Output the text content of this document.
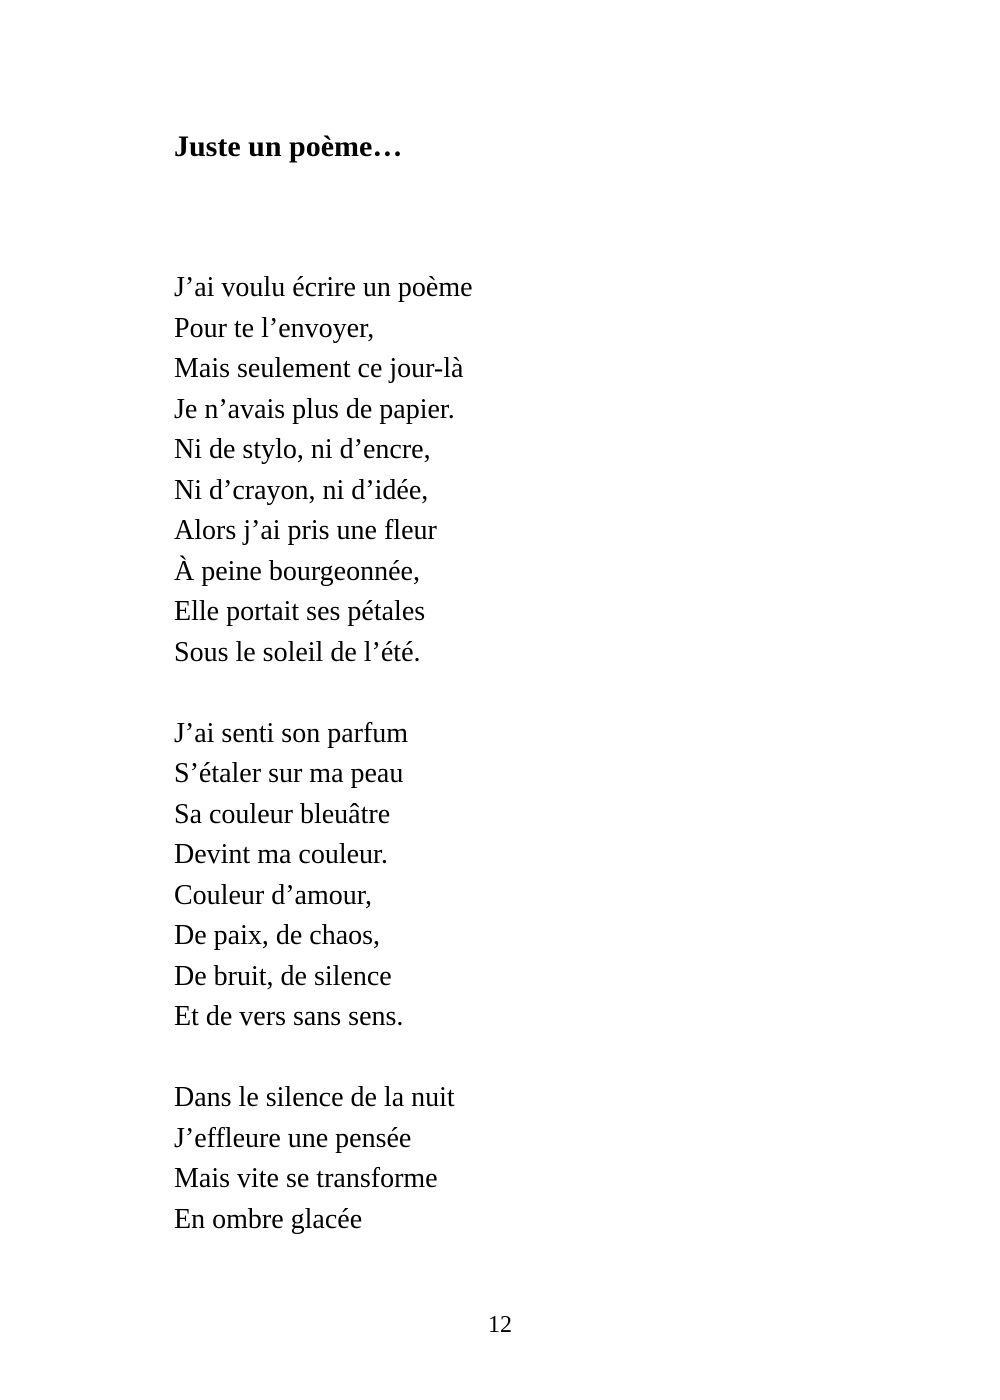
Juste un poème…
J’ai voulu écrire un poème
Pour te l’envoyer,
Mais seulement ce jour-là
Je n’avais plus de papier.
Ni de stylo, ni d’encre,
Ni d’crayon, ni d’idée,
Alors j’ai pris une fleur
À peine bourgeonnée,
Elle portait ses pétales
Sous le soleil de l’été.
J’ai senti son parfum
S’étaler sur ma peau
Sa couleur bleuâtre
Devint ma couleur.
Couleur d’amour,
De paix, de chaos,
De bruit, de silence
Et de vers sans sens.
Dans le silence de la nuit
J’effleure une pensée
Mais vite se transforme
En ombre glacée
12
